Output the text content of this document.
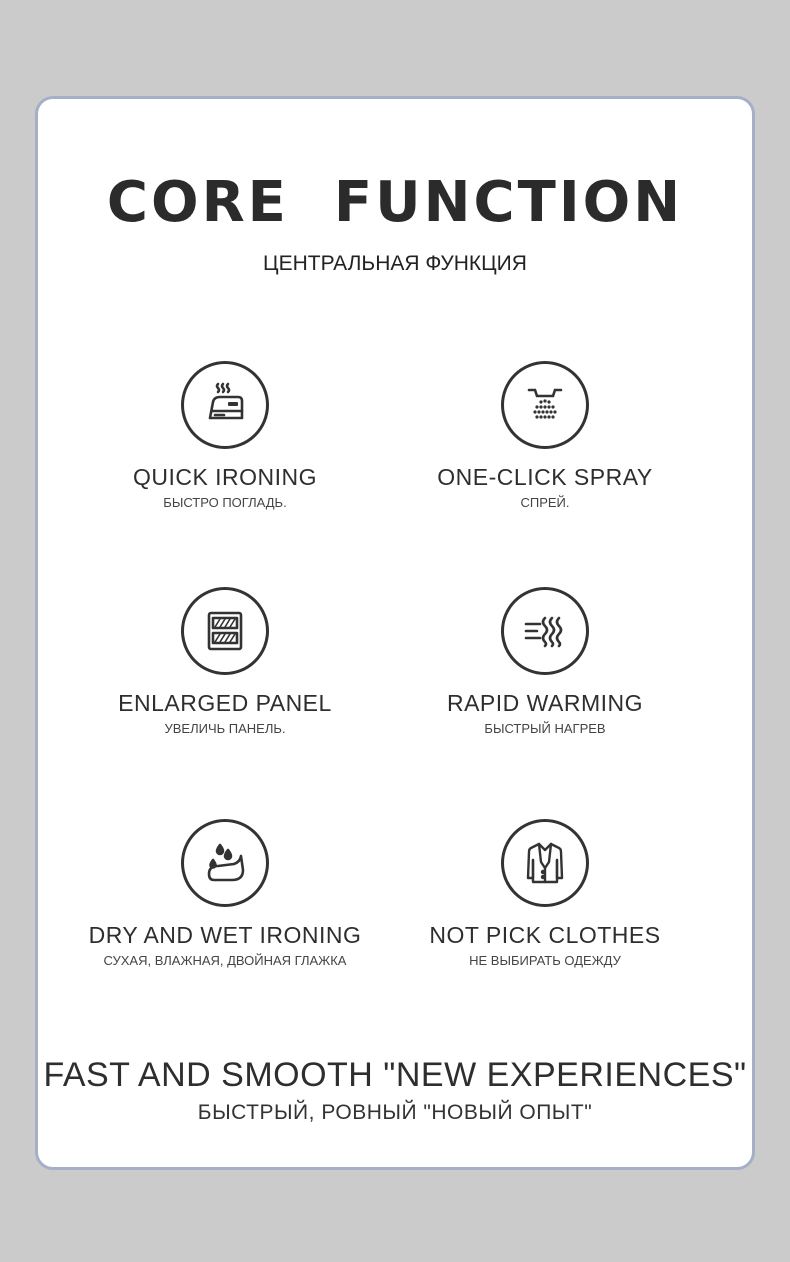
CORE  FUNCTION
ЦЕНТРАЛЬНАЯ ФУНКЦИЯ
QUICK IRONING
БЫСТРО ПОГЛАДЬ.
ONE-CLICK SPRAY
СПРЕЙ.
ENLARGED PANEL
УВЕЛИЧЬ ПАНЕЛЬ.
RAPID WARMING
БЫСТРЫЙ НАГРЕВ
DRY AND WET IRONING
СУХАЯ, ВЛАЖНАЯ, ДВОЙНАЯ ГЛАЖКА
NOT PICK CLOTHES
НЕ ВЫБИРАТЬ ОДЕЖДУ
FAST AND SMOOTH "NEW EXPERIENCES"
БЫСТРЫЙ, РОВНЫЙ "НОВЫЙ ОПЫТ"
